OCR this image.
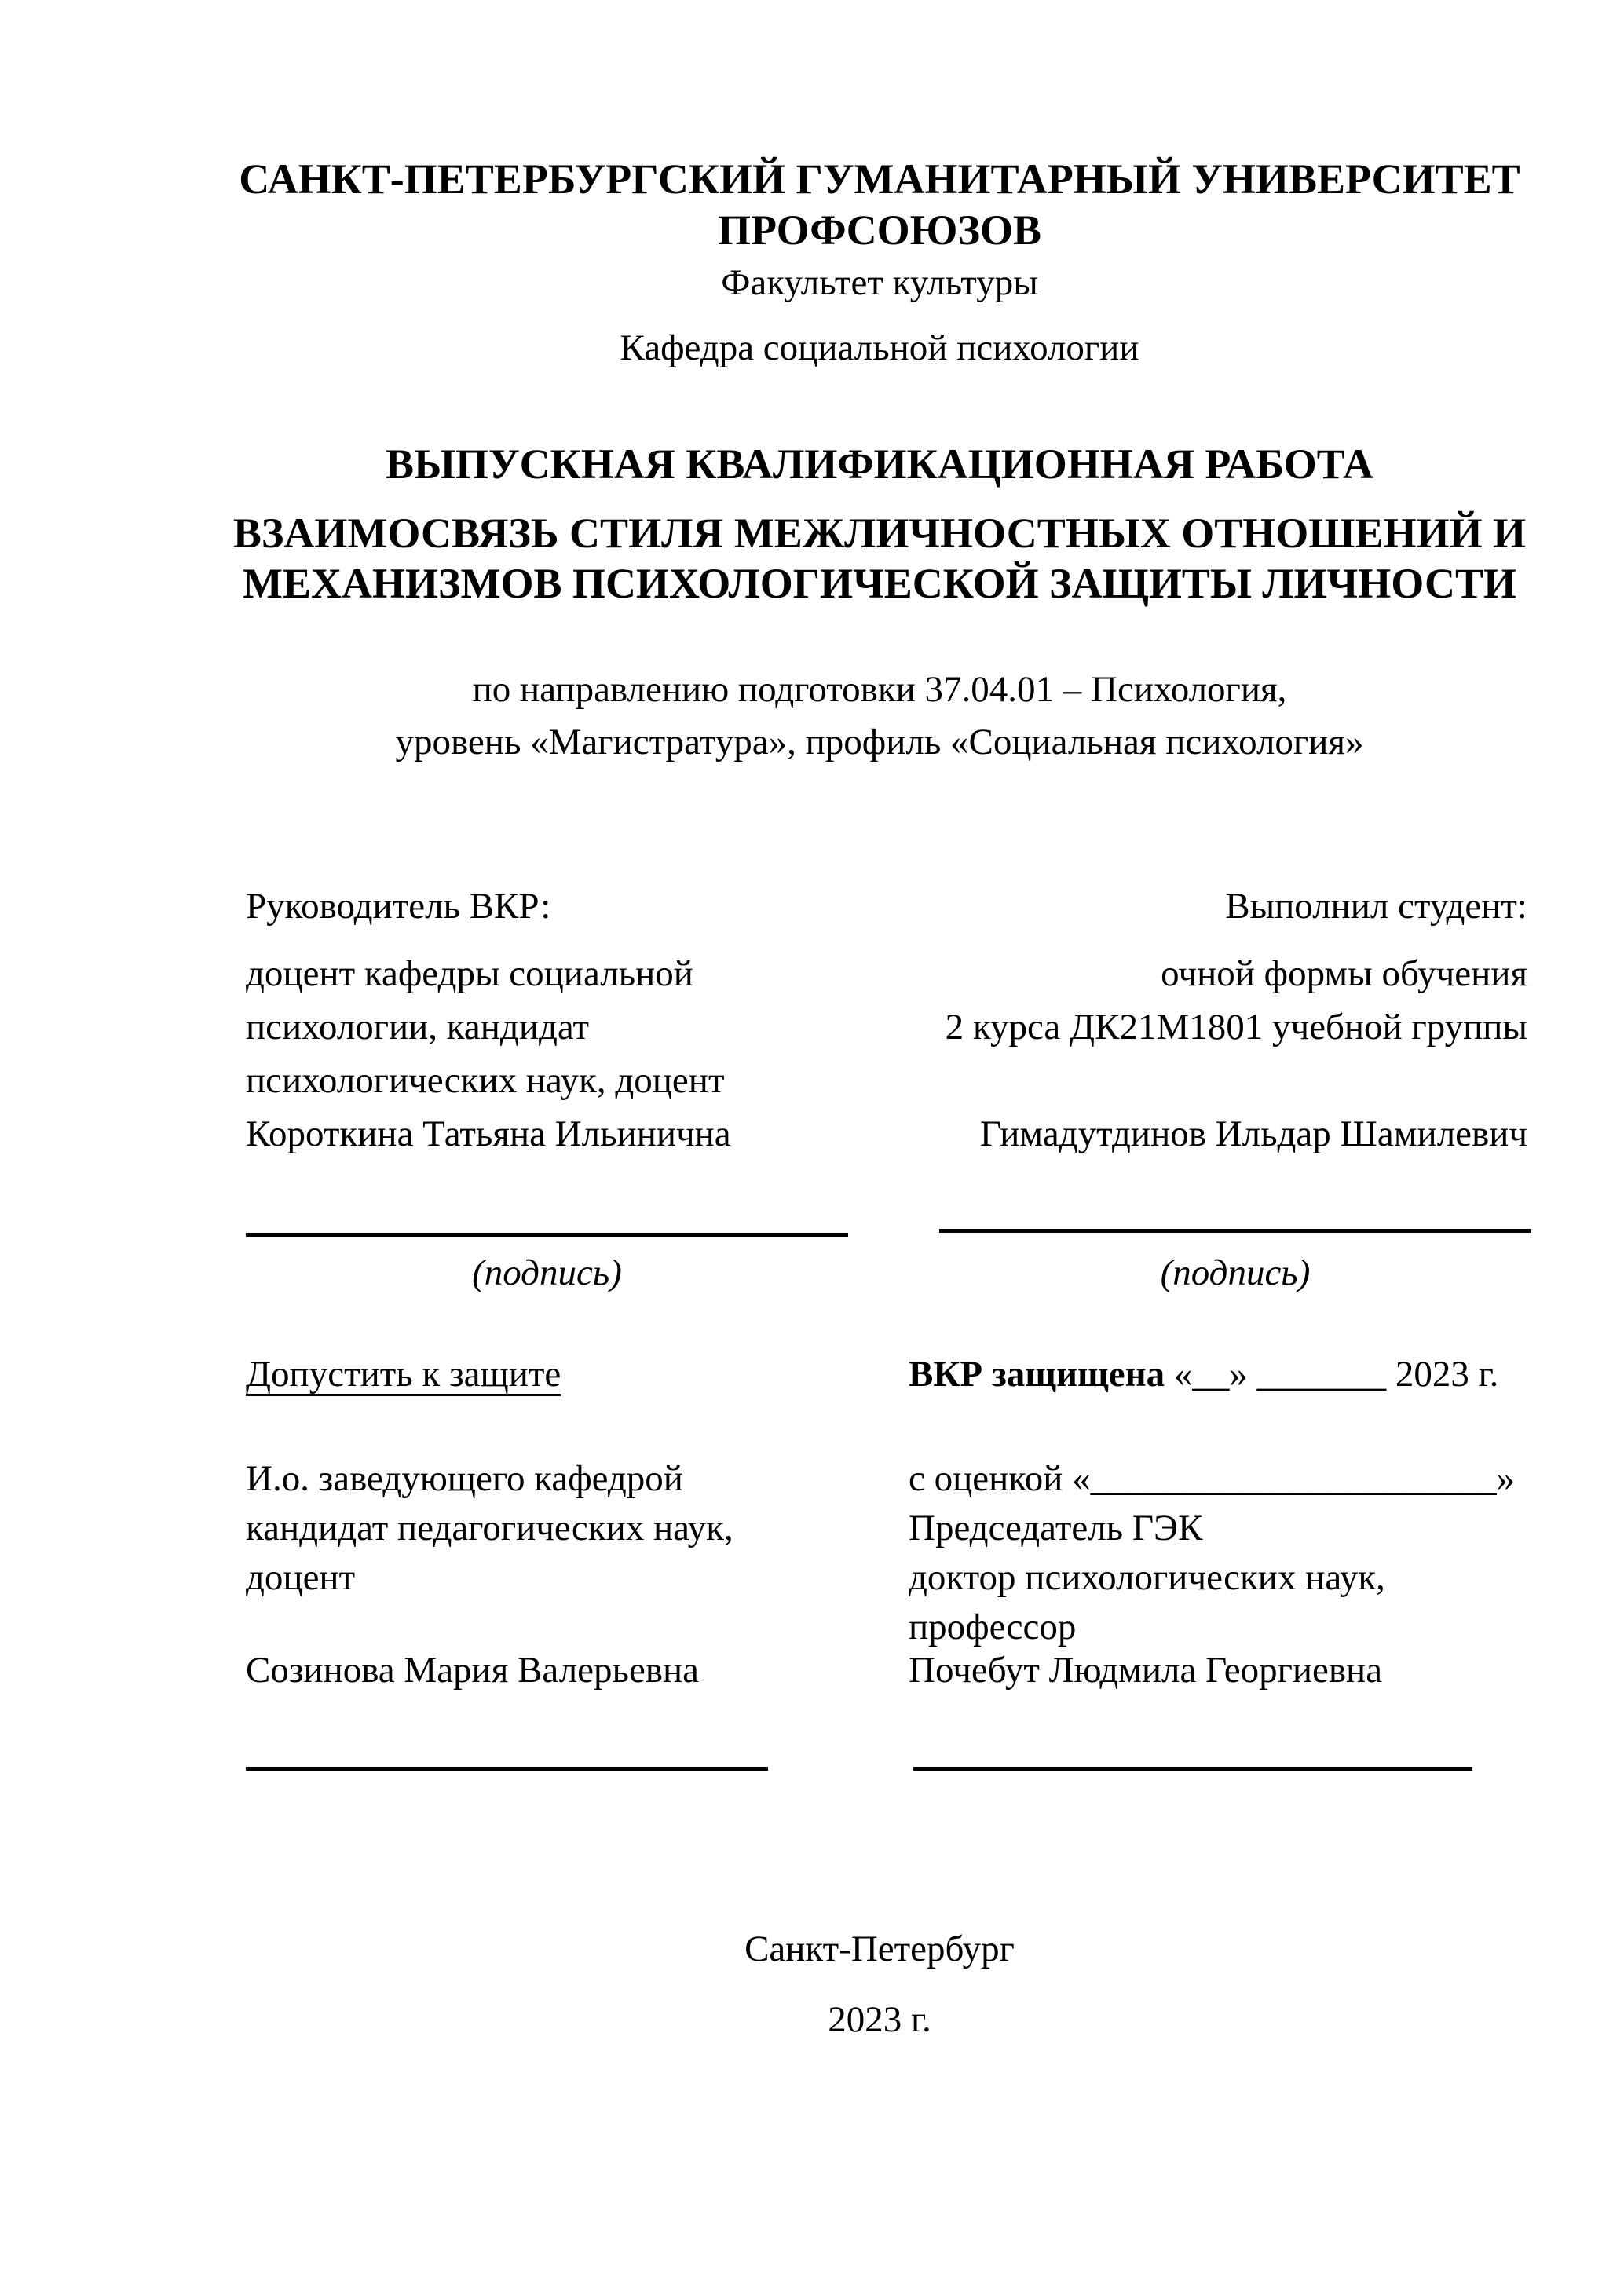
САНКТ-ПЕТЕРБУРГСКИЙ ГУМАНИТАРНЫЙ УНИВЕРСИТЕТ
ПРОФСОЮЗОВ
Факультет культуры
Кафедра социальной психологии
ВЫПУСКНАЯ КВАЛИФИКАЦИОННАЯ РАБОТА
ВЗАИМОСВЯЗЬ СТИЛЯ МЕЖЛИЧНОСТНЫХ ОТНОШЕНИЙ И
МЕХАНИЗМОВ ПСИХОЛОГИЧЕСКОЙ ЗАЩИТЫ ЛИЧНОСТИ
по направлению подготовки 37.04.01 – Психология,
уровень «Магистратура», профиль «Социальная психология»
Руководитель ВКР:
доцент кафедры социальной
психологии, кандидат
психологических наук, доцент
Короткина Татьяна Ильинична
Выполнил студент:
очной формы обучения
2 курса ДК21М1801 учебной группы
Гимадутдинов Ильдар Шамилевич
(подпись)	(подпись)
Допустить к защите	ВКР защищена «__» _______ 2023 г.
И.о. заведующего кафедрой
кандидат педагогических наук,
доцент
Созинова Мария Валерьевна
с оценкой «______________________»
Председатель ГЭК
доктор психологических наук,
профессор
Почебут Людмила Георгиевна
Санкт-Петербург
2023 г.
